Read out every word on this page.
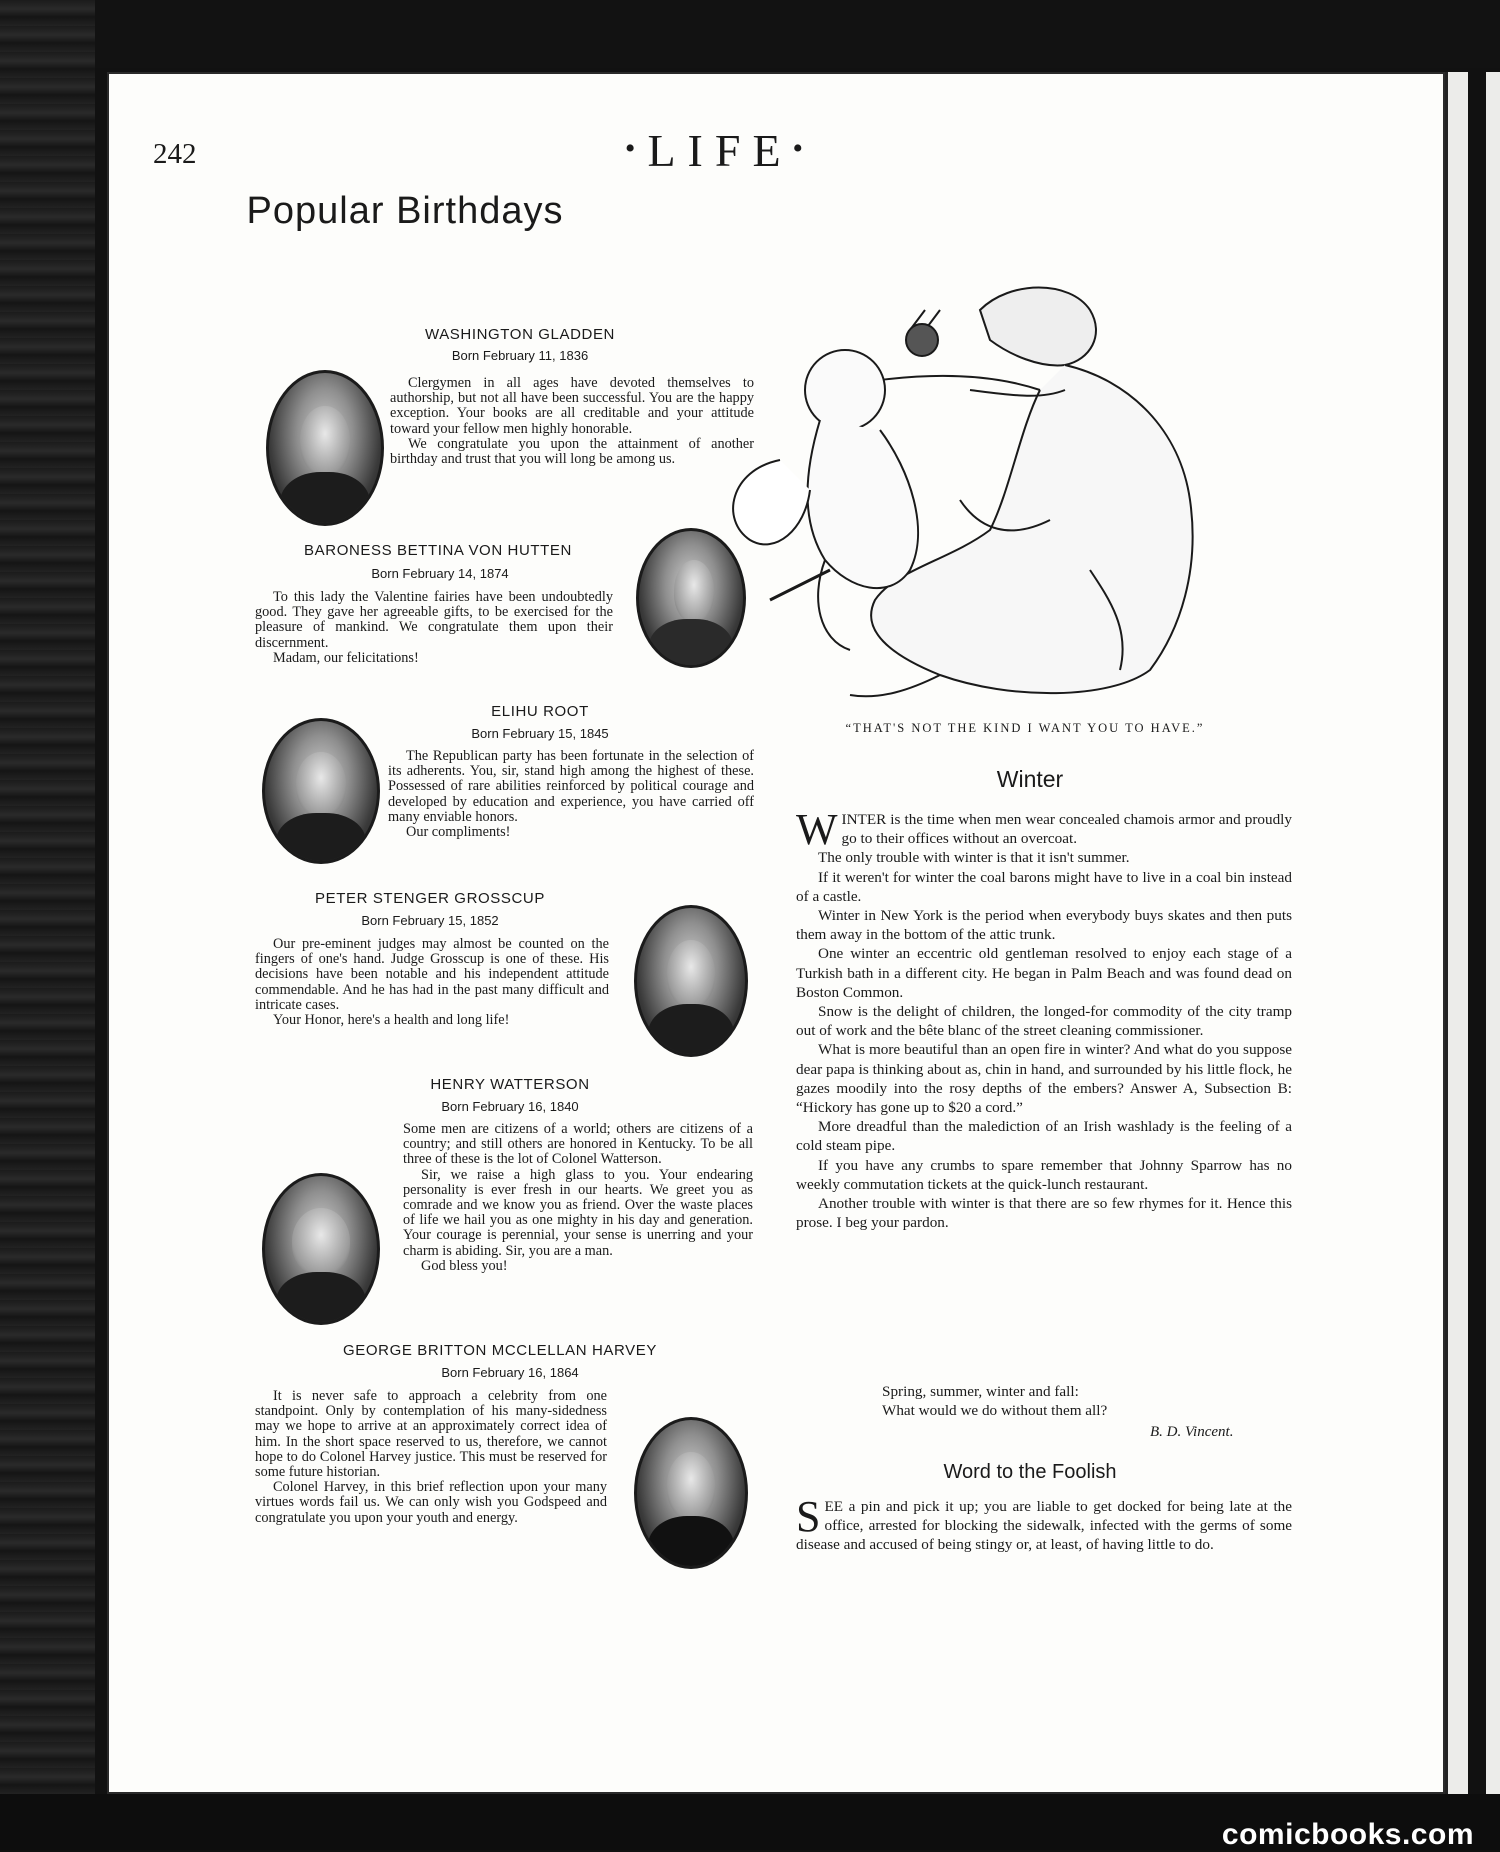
comicbooks.com
242	•LIFE•
Popular Birthdays
WASHINGTON GLADDEN
Born February 11, 1836

Clergymen in all ages have devoted themselves to authorship, but not all have been successful. You are the happy exception. Your books are all creditable and your attitude toward your fellow men highly honorable.

We congratulate you upon the attainment of another birthday and trust that you will long be among us.

BARONESS BETTINA VON HUTTEN
Born February 14, 1874

To this lady the Valentine fairies have been undoubtedly good. They gave her agreeable gifts, to be exercised for the pleasure of mankind. We congratulate them upon their discernment.

Madam, our felicitations!

ELIHU ROOT
Born February 15, 1845

The Republican party has been fortunate in the selection of its adherents. You, sir, stand high among the highest of these. Possessed of rare abilities reinforced by political courage and developed by education and experience, you have carried off many enviable honors.

Our compliments!

PETER STENGER GROSSCUP
Born February 15, 1852

Our pre-eminent judges may almost be counted on the fingers of one's hand. Judge Grosscup is one of these. His decisions have been notable and his independent attitude commendable. And he has had in the past many difficult and intricate cases.

Your Honor, here's a health and long life!

HENRY WATTERSON
Born February 16, 1840

Some men are citizens of a world; others are citizens of a country; and still others are honored in Kentucky. To be all three of these is the lot of Colonel Watterson.

Sir, we raise a high glass to you. Your endearing personality is ever fresh in our hearts. We greet you as comrade and we know you as friend. Over the waste places of life we hail you as one mighty in his day and generation. Your courage is perennial, your sense is unerring and your charm is abiding. Sir, you are a man.

God bless you!

GEORGE BRITTON MCCLELLAN HARVEY
Born February 16, 1864

It is never safe to approach a celebrity from one standpoint. Only by contemplation of his many-sidedness may we hope to arrive at an approximately correct idea of him. In the short space reserved to us, therefore, we cannot hope to do Colonel Harvey justice. This must be reserved for some future historian.

Colonel Harvey, in this brief reflection upon your many virtues words fail us. We can only wish you Godspeed and congratulate you upon your youth and energy.

“THAT'S NOT THE KIND I WANT YOU TO HAVE.”
Winter

WINTER is the time when men wear concealed chamois armor and proudly go to their offices without an overcoat.

The only trouble with winter is that it isn't summer.

If it weren't for winter the coal barons might have to live in a coal bin instead of a castle.

Winter in New York is the period when everybody buys skates and then puts them away in the bottom of the attic trunk.

One winter an eccentric old gentleman resolved to enjoy each stage of a Turkish bath in a different city. He began in Palm Beach and was found dead on Boston Common.

Snow is the delight of children, the longed-for commodity of the city tramp out of work and the bête blanc of the street cleaning commissioner.

What is more beautiful than an open fire in winter? And what do you suppose dear papa is thinking about as, chin in hand, and surrounded by his little flock, he gazes moodily into the rosy depths of the embers? Answer A, Subsection B: “Hickory has gone up to $20 a cord.”

More dreadful than the malediction of an Irish washlady is the feeling of a cold steam pipe.

If you have any crumbs to spare remember that Johnny Sparrow has no weekly commutation tickets at the quick-lunch restaurant.

Another trouble with winter is that there are so few rhymes for it. Hence this prose. I beg your pardon.

Spring, summer, winter and fall:
What would we do without them all?
B. D. Vincent.
Word to the Foolish

SEE a pin and pick it up; you are liable to get docked for being late at the office, arrested for blocking the sidewalk, infected with the germs of some disease and accused of being stingy or, at least, of having little to do.
